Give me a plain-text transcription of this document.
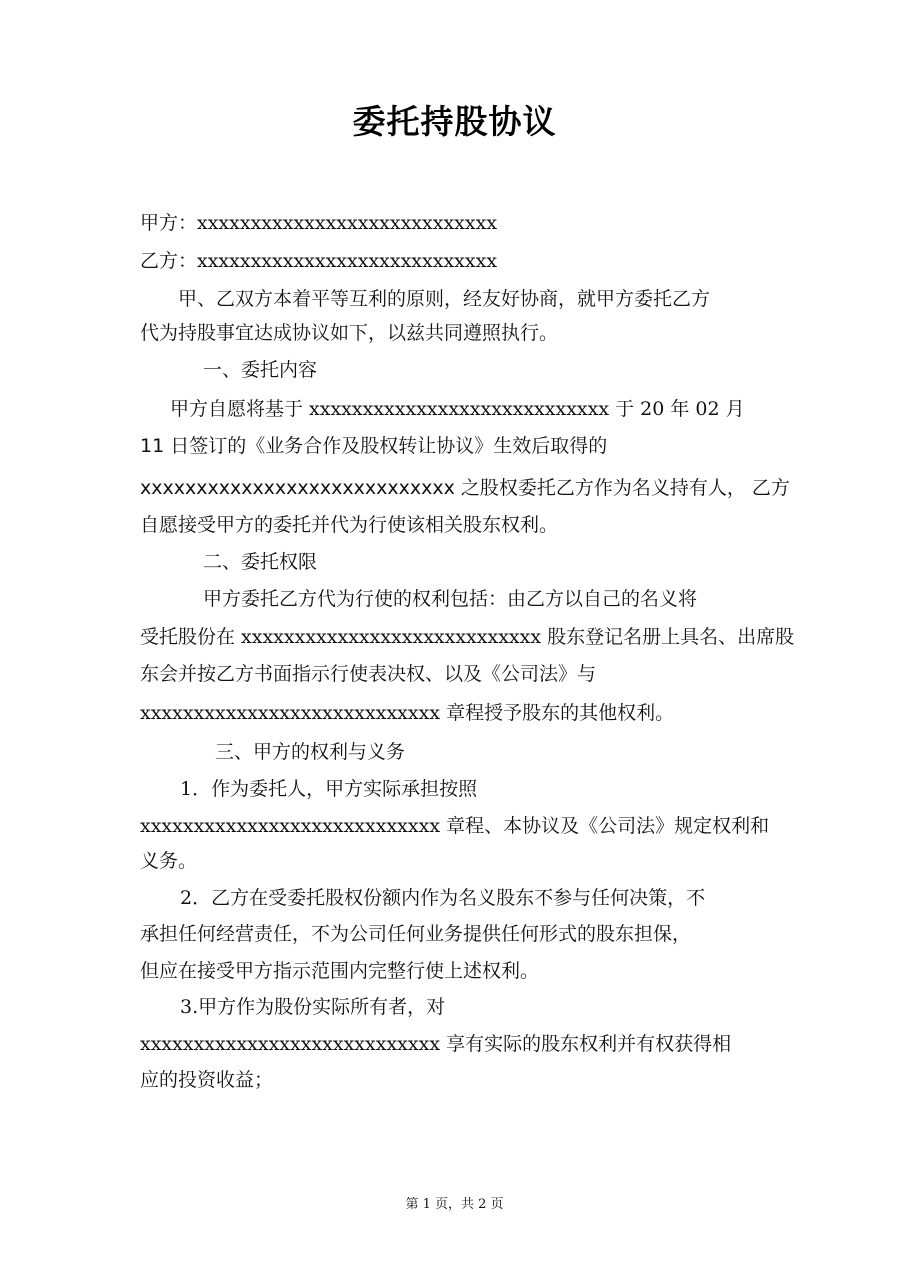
委托持股协议
甲方：xxxxxxxxxxxxxxxxxxxxxxxxxxxx
乙方：xxxxxxxxxxxxxxxxxxxxxxxxxxxx
甲、乙双方本着平等互利的原则，经友好协商，就甲方委托乙方
代为持股事宜达成协议如下，以兹共同遵照执行。
一、委托内容
甲方自愿将基于 xxxxxxxxxxxxxxxxxxxxxxxxxxxx 于 20 年 02 月
11 日签订的《业务合作及股权转让协议》生效后取得的
xxxxxxxxxxxxxxxxxxxxxxxxxxxx 之股权委托乙方作为名义持有人， 乙方
自愿接受甲方的委托并代为行使该相关股东权利。
二、委托权限
甲方委托乙方代为行使的权利包括：由乙方以自己的名义将
受托股份在 xxxxxxxxxxxxxxxxxxxxxxxxxxxx 股东登记名册上具名、出席股
东会并按乙方书面指示行使表决权、以及《公司法》与
xxxxxxxxxxxxxxxxxxxxxxxxxxxx 章程授予股东的其他权利。
三、甲方的权利与义务
1．作为委托人，甲方实际承担按照
xxxxxxxxxxxxxxxxxxxxxxxxxxxx 章程、本协议及《公司法》规定权利和
义务。
2．乙方在受委托股权份额内作为名义股东不参与任何决策，不
承担任何经营责任，不为公司任何业务提供任何形式的股东担保，
但应在接受甲方指示范围内完整行使上述权利。
3.甲方作为股份实际所有者，对
xxxxxxxxxxxxxxxxxxxxxxxxxxxx 享有实际的股东权利并有权获得相
应的投资收益；
第 1 页，共 2 页
